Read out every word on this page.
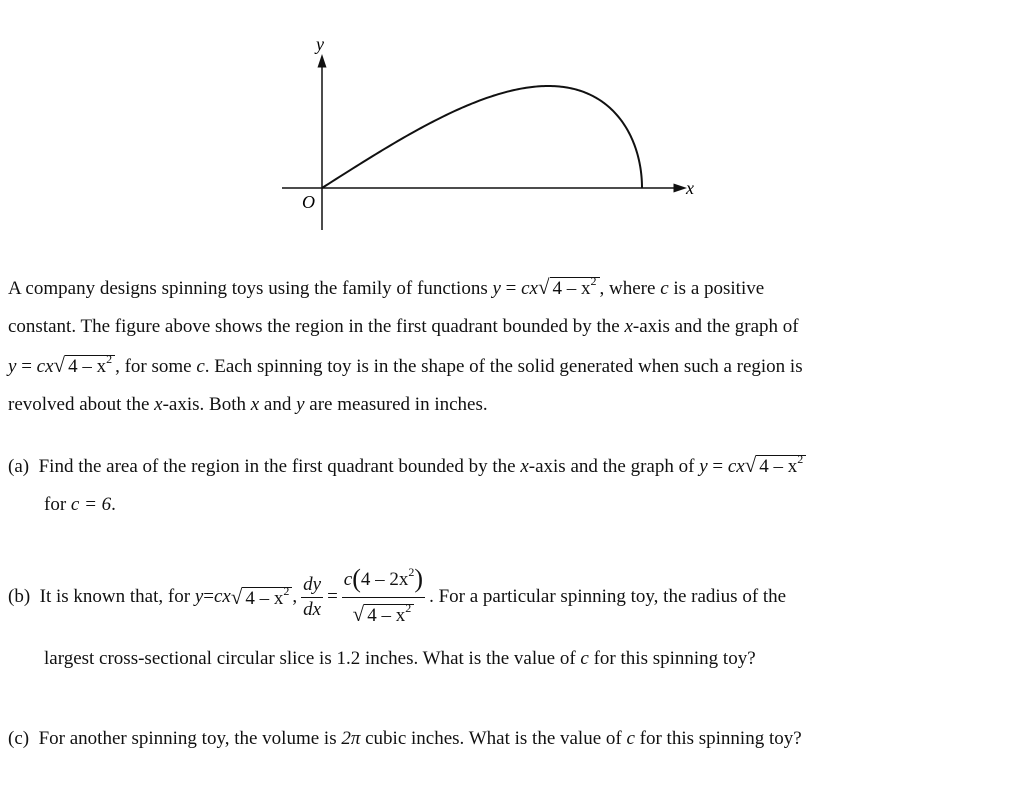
y
x
O
A company designs spinning toys using the family of functions y = cx√ $4 - x^2$ , where c is a positive
constant. The figure above shows the region in the first quadrant bounded by the x-axis and the graph of
y = cx√ $4 - x^2$ , for some c. Each spinning toy is in the shape of the solid generated when such a region is
revolved about the x-axis. Both x and y are measured in inches.
(a) Find the area of the region in the first quadrant bounded by the x-axis and the graph of y = cx√ $4 - x^2$
for c = 6.
(b)
It is known that, for
y = cx √ $4 - x^2$ , $\frac{dy}{dx} = \frac{c(4 - 2x^2)}{√ 4 - x^2}$ . For a particular spinning toy, the radius of the
largest cross-sectional circular slice is 1.2 inches. What is the value of c for this spinning toy?
(c) For another spinning toy, the volume is 2π cubic inches. What is the value of c for this spinning toy?
